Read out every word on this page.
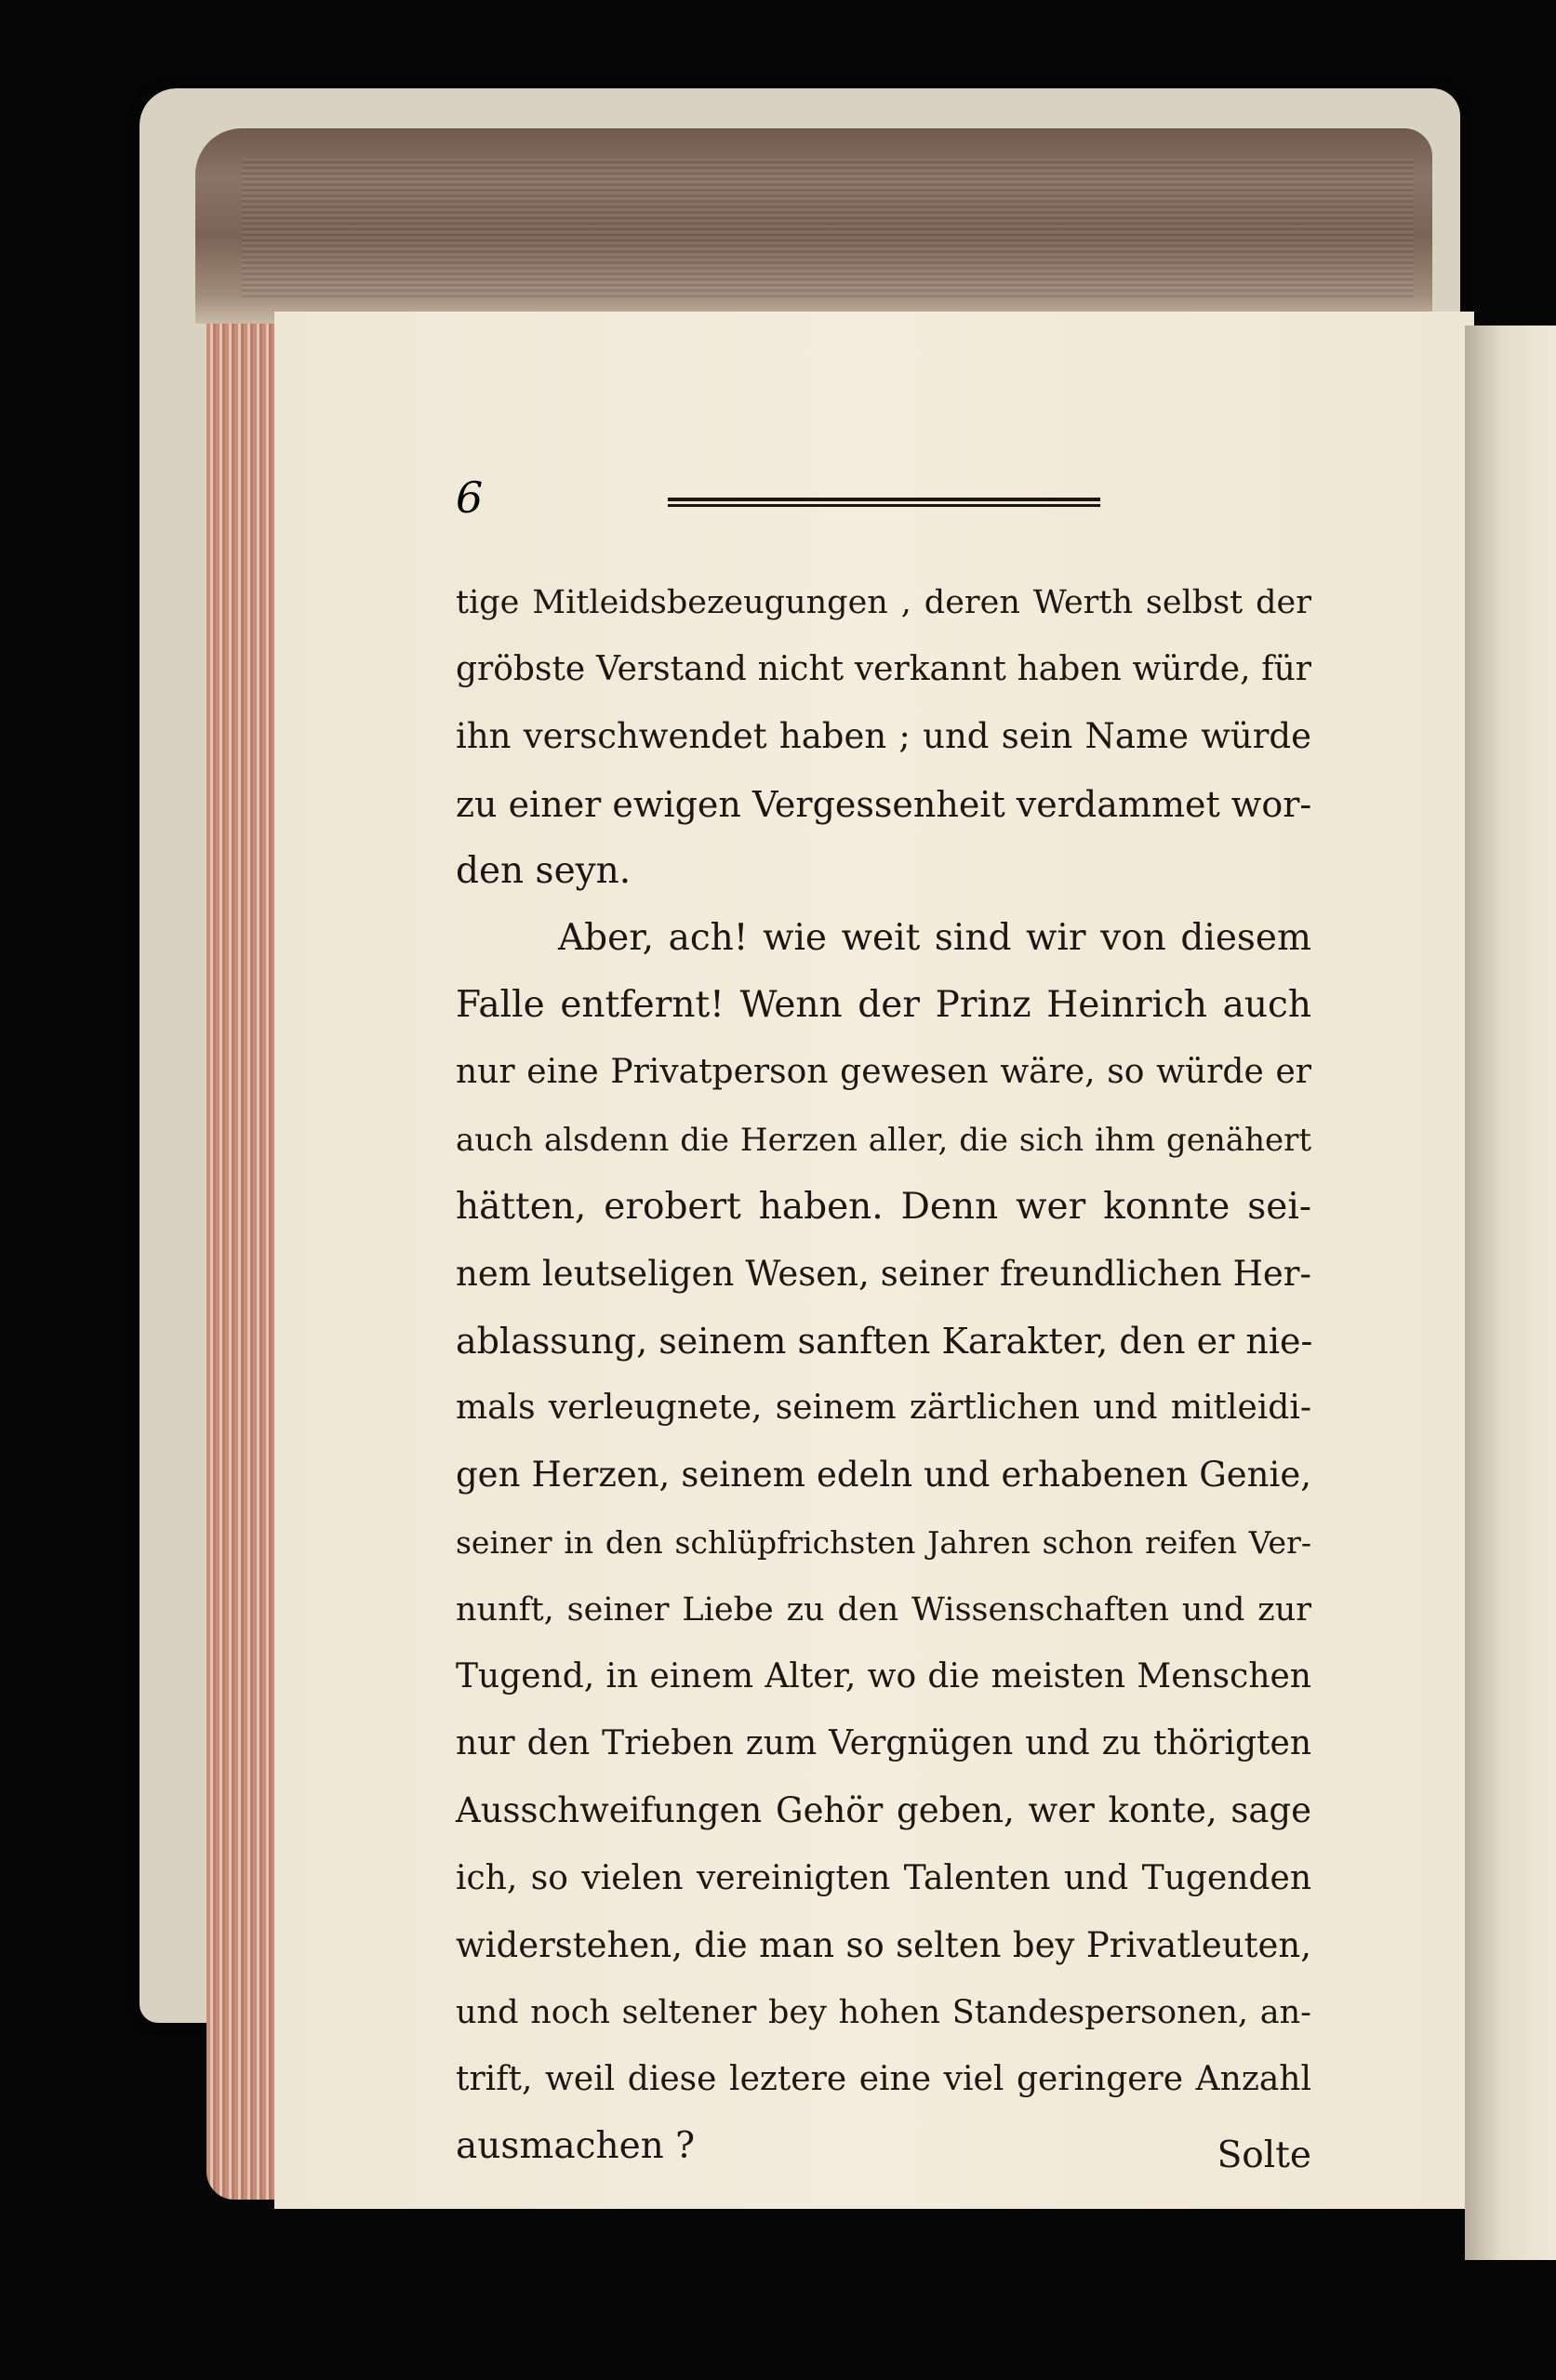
6
tige Mitleidsbezeugungen , deren Werth selbst der
gröbste Verstand nicht verkannt haben würde, für
ihn verschwendet haben ; und sein Name würde
zu einer ewigen Vergessenheit verdammet wor-
den seyn.
Aber, ach! wie weit sind wir von diesem
Falle entfernt! Wenn der Prinz Heinrich auch
nur eine Privatperson gewesen wäre, so würde er
auch alsdenn die Herzen aller, die sich ihm genähert
hätten, erobert haben. Denn wer konnte sei-
nem leutseligen Wesen, seiner freundlichen Her-
ablassung, seinem sanften Karakter, den er nie-
mals verleugnete, seinem zärtlichen und mitleidi-
gen Herzen, seinem edeln und erhabenen Genie,
seiner in den schlüpfrichsten Jahren schon reifen Ver-
nunft, seiner Liebe zu den Wissenschaften und zur
Tugend, in einem Alter, wo die meisten Menschen
nur den Trieben zum Vergnügen und zu thörigten
Ausschweifungen Gehör geben, wer konte, sage
ich, so vielen vereinigten Talenten und Tugenden
widerstehen, die man so selten bey Privatleuten,
und noch seltener bey hohen Standespersonen, an-
trift, weil diese leztere eine viel geringere Anzahl
ausmachen ?	Solte
